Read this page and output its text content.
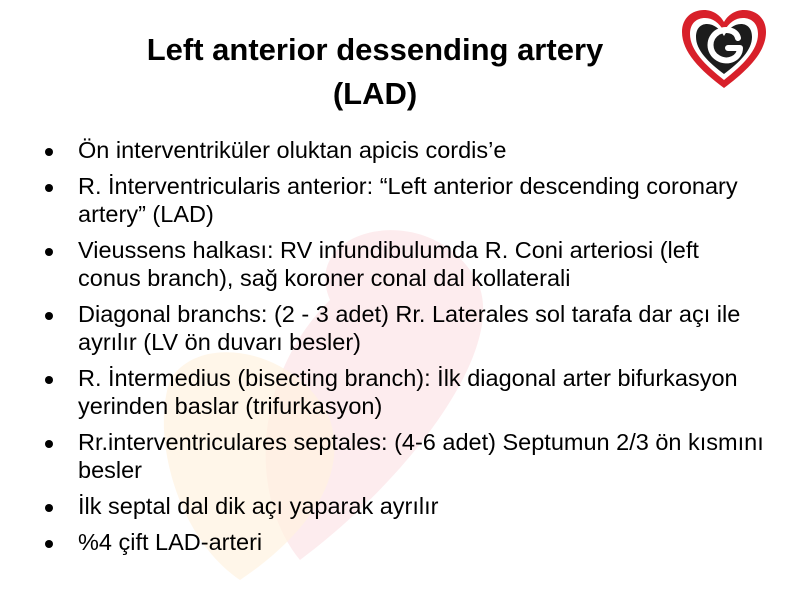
Left anterior dessending artery
(LAD)
Ön interventriküler oluktan apicis cordis’e
R. İnterventricularis anterior: “Left anterior descending coronary artery” (LAD)
Vieussens halkası: RV infundibulumda R. Coni arteriosi (left conus branch), sağ koroner conal dal kollaterali
Diagonal branchs: (2 - 3 adet) Rr. Laterales sol tarafa dar açı ile ayrılır (LV ön duvarı besler)
R. İntermedius (bisecting branch): İlk diagonal arter bifurkasyon yerinden baslar (trifurkasyon)
Rr.interventriculares septales: (4-6 adet) Septumun 2/3 ön kısmını besler
İlk septal dal dik açı yaparak ayrılır
%4 çift LAD-arteri
